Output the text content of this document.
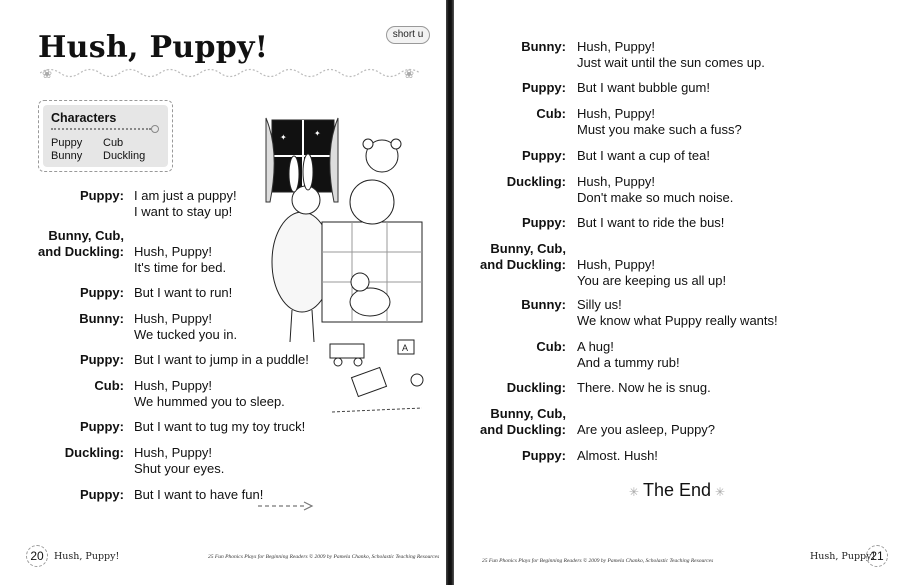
Hush, Puppy!	short u
❀	❀
Characters
Puppy	Cub
Bunny	Duckling
Puppy: I am just a puppy!
I want to stay up!
Bunny, Cub,
and Duckling: Hush, Puppy!
It's time for bed.
Puppy: But I want to run!
Bunny: Hush, Puppy!
We tucked you in.
Puppy: But I want to jump in a puddle!
Cub: Hush, Puppy!
We hummed you to sleep.
Puppy: But I want to tug my toy truck!
Duckling: Hush, Puppy!
Shut your eyes.
Puppy: But I want to have fun!
✦	✦
A
20	Hush, Puppy!	25 Fun Phonics Plays for Beginning Readers © 2009 by Pamela Chanko, Scholastic Teaching Resources
Bunny: Hush, Puppy!
Just wait until the sun comes up.
Puppy: But I want bubble gum!
Cub: Hush, Puppy!
Must you make such a fuss?
Puppy: But I want a cup of tea!
Duckling: Hush, Puppy!
Don't make so much noise.
Puppy: But I want to ride the bus!
Bunny, Cub,
and Duckling: Hush, Puppy!
You are keeping us all up!
Bunny: Silly us!
We know what Puppy really wants!
Cub: A hug!
And a tummy rub!
Duckling: There. Now he is snug.
Bunny, Cub,
and Duckling: Are you asleep, Puppy?
Puppy: Almost. Hush!
✳ The End ✳
25 Fun Phonics Plays for Beginning Readers © 2009 by Pamela Chanko, Scholastic Teaching Resources	Hush, Puppy!
21
